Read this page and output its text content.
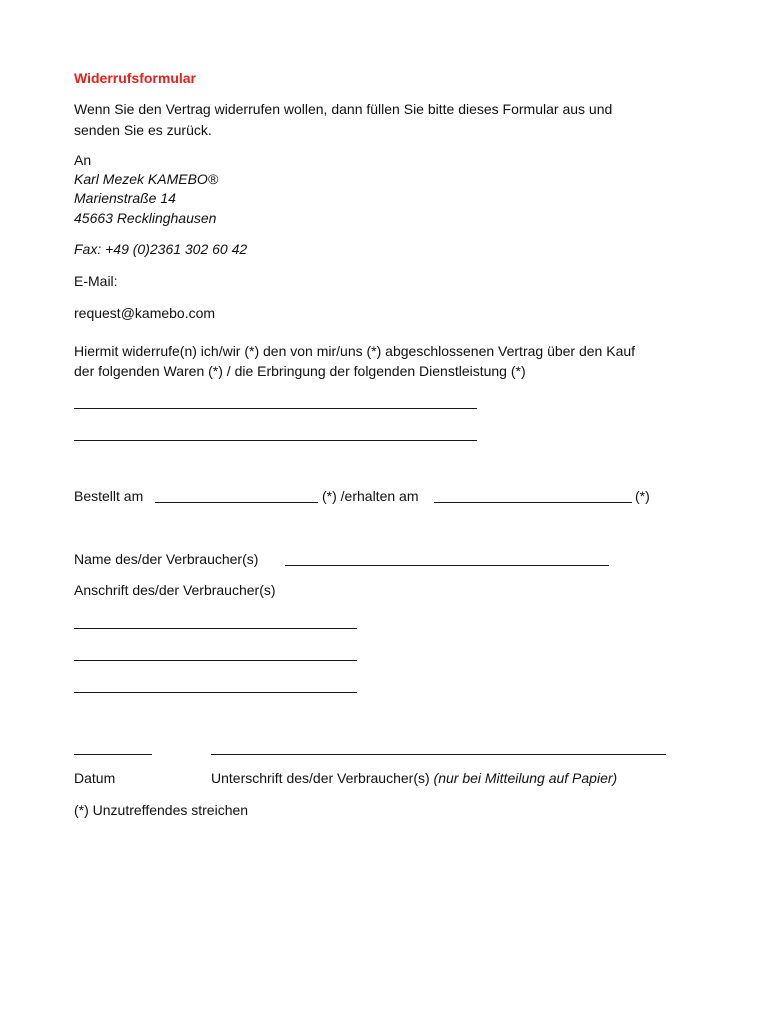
Widerrufsformular
Wenn Sie den Vertrag widerrufen wollen, dann füllen Sie bitte dieses Formular aus und
senden Sie es zurück.
An
Karl Mezek KAMEBO®
Marienstraße 14
45663 Recklinghausen
Fax: +49 (0)2361 302 60 42
E-Mail:
request@kamebo.com
Hiermit widerrufe(n) ich/wir (*) den von mir/uns (*) abgeschlossenen Vertrag über den Kauf
der folgenden Waren (*) / die Erbringung der folgenden Dienstleistung (*)
Bestellt am	(*) /erhalten am	(*)
Name des/der Verbraucher(s)
Anschrift des/der Verbraucher(s)
Datum	Unterschrift des/der Verbraucher(s) (nur bei Mitteilung auf Papier)
(*) Unzutreffendes streichen
